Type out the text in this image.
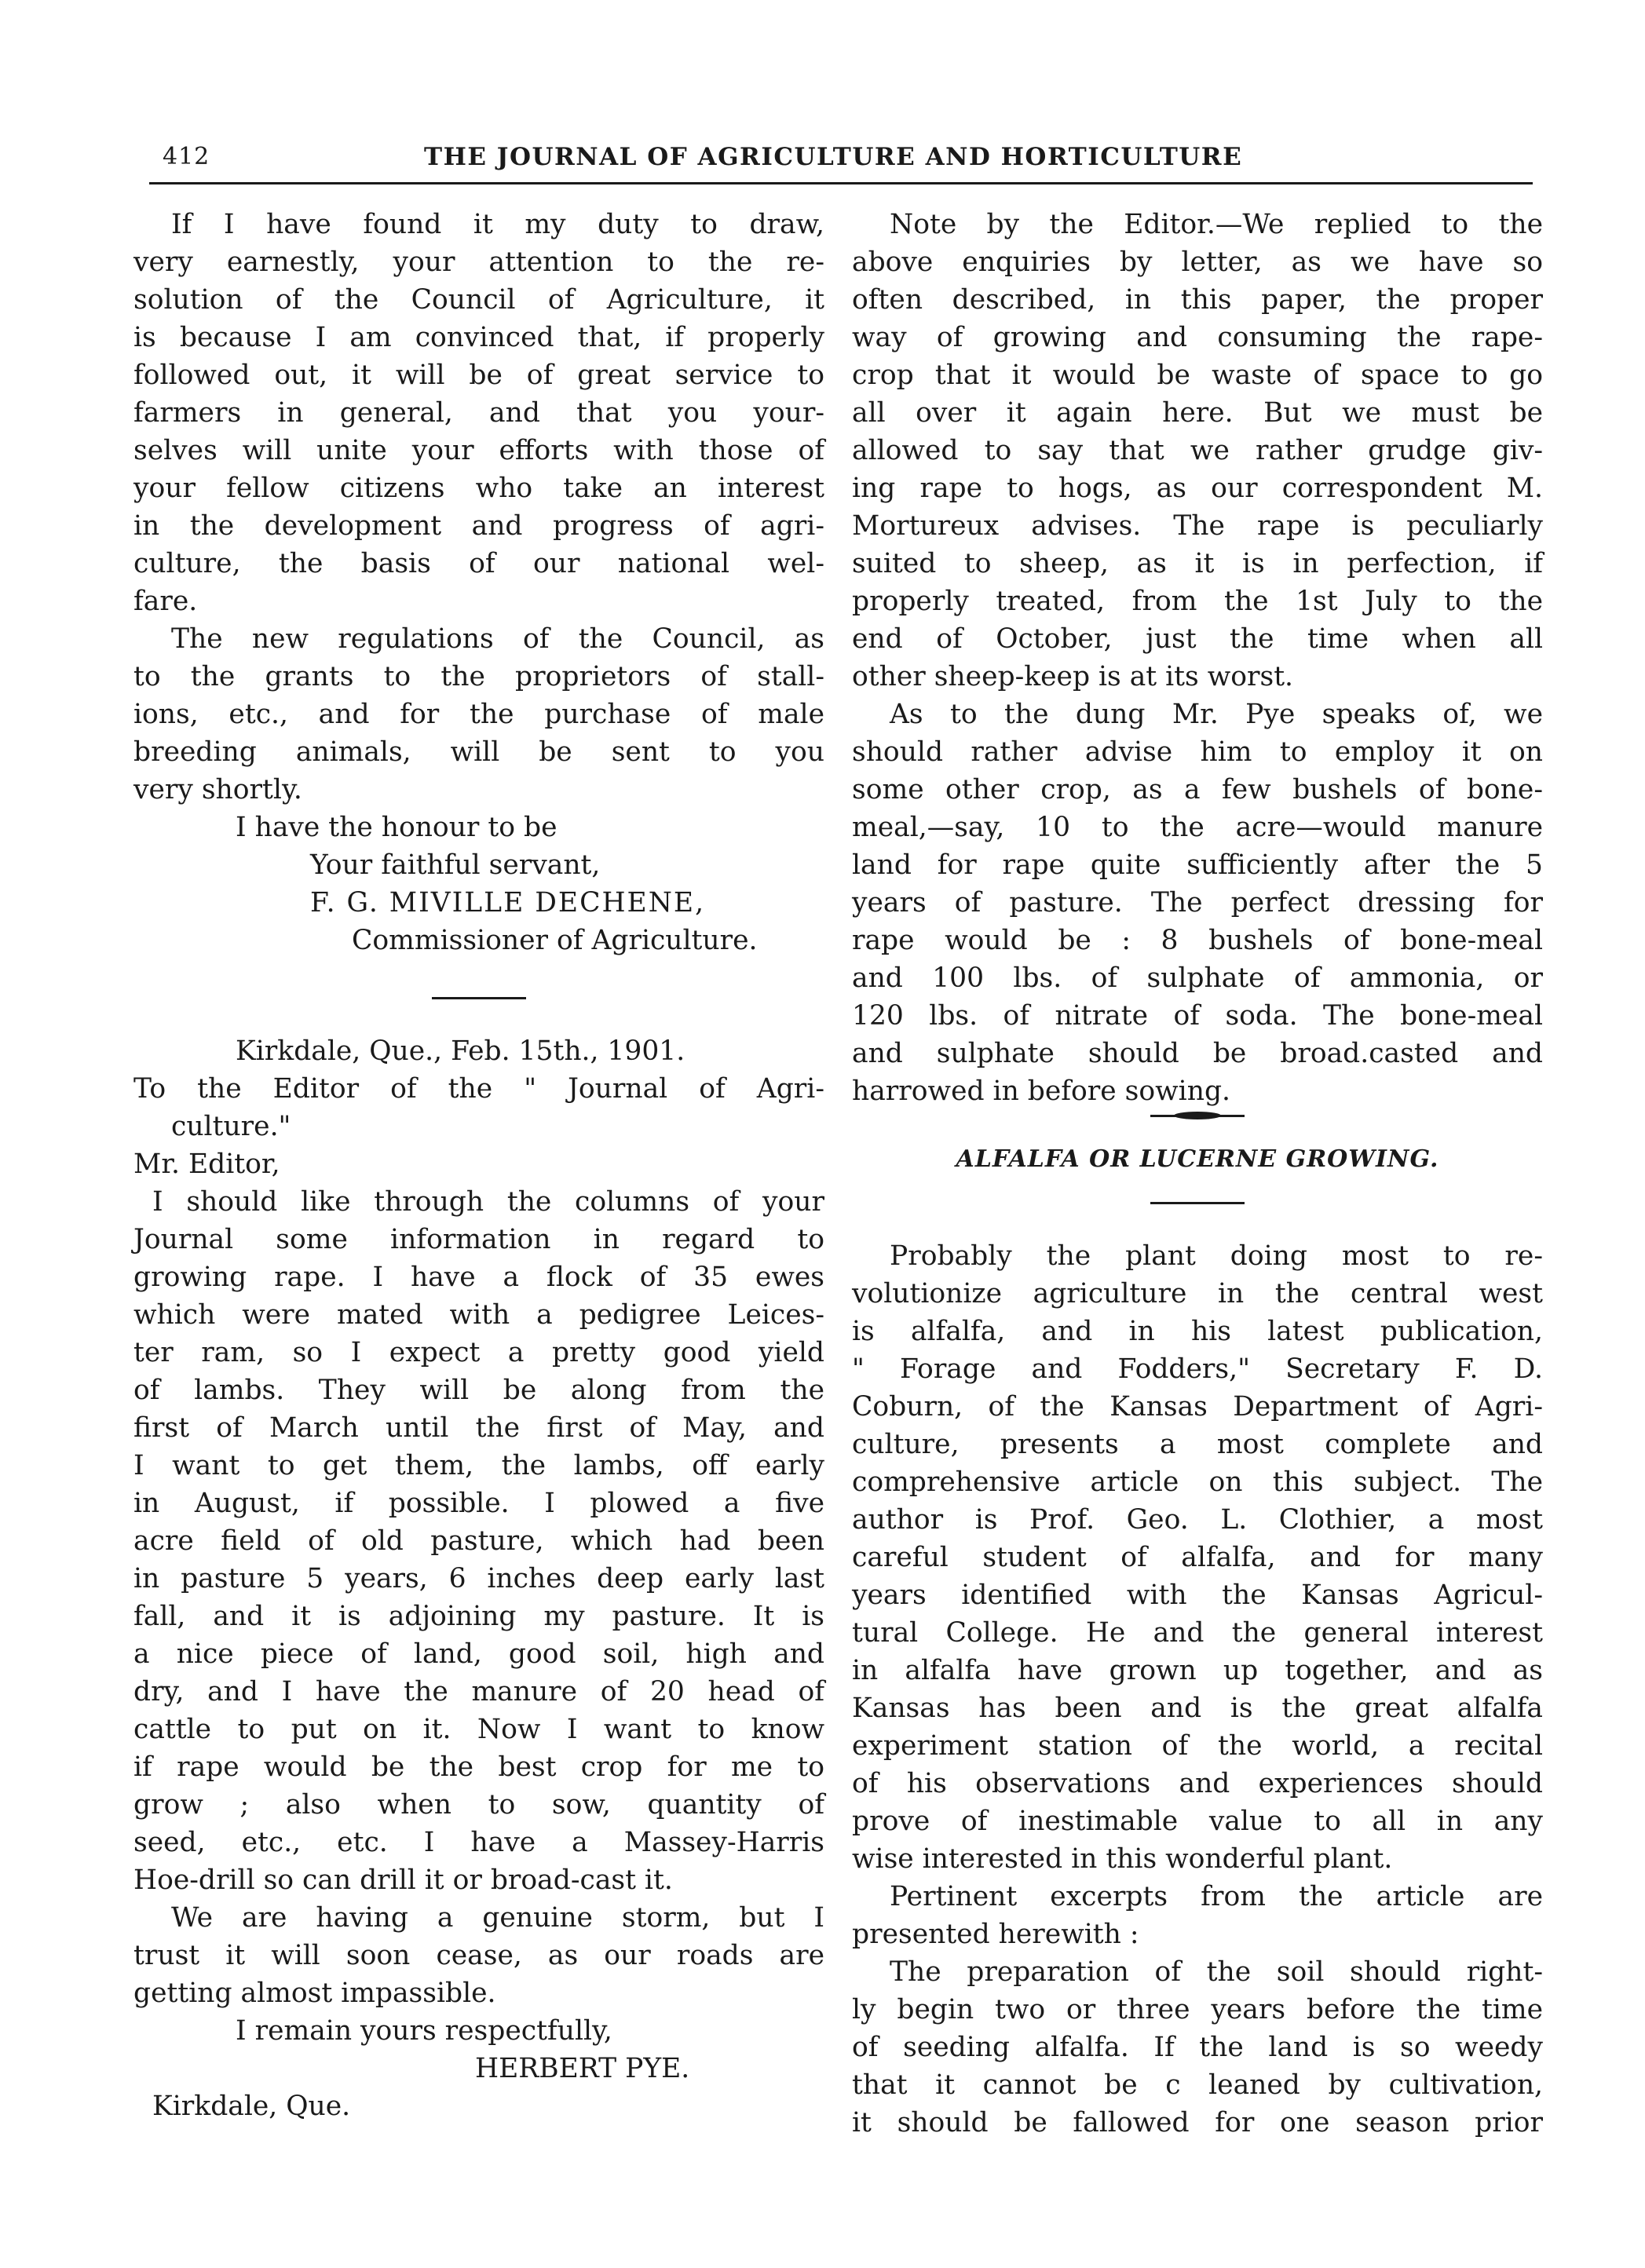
412	THE JOURNAL OF AGRICULTURE AND HORTICULTURE
If I have found it my duty to draw,
very earnestly, your attention to the re-
solution of the Council of Agriculture, it
is because I am convinced that, if properly
followed out, it will be of great service to
farmers in general, and that you your-
selves will unite your efforts with those of
your fellow citizens who take an interest
in the development and progress of agri-
culture, the basis of our national wel-
fare.
The new regulations of the Council, as
to the grants to the proprietors of stall-
ions, etc., and for the purchase of male
breeding animals, will be sent to you
very shortly.
I have the honour to be
Your faithful servant,
F. G. MIVILLE DECHENE,
Commissioner of Agriculture.
Kirkdale, Que., Feb. 15th., 1901.
To the Editor of the " Journal of Agri-
culture."
Mr. Editor,
I should like through the columns of your
Journal some information in regard to
growing rape. I have a flock of 35 ewes
which were mated with a pedigree Leices-
ter ram, so I expect a pretty good yield
of lambs. They will be along from the
first of March until the first of May, and
I want to get them, the lambs, off early
in August, if possible. I plowed a five
acre field of old pasture, which had been
in pasture 5 years, 6 inches deep early last
fall, and it is adjoining my pasture. It is
a nice piece of land, good soil, high and
dry, and I have the manure of 20 head of
cattle to put on it. Now I want to know
if rape would be the best crop for me to
grow ; also when to sow, quantity of
seed, etc., etc. I have a Massey-Harris
Hoe-drill so can drill it or broad-cast it.
We are having a genuine storm, but I
trust it will soon cease, as our roads are
getting almost impassible.
I remain yours respectfully,
HERBERT PYE.
Kirkdale, Que.
Note by the Editor.—We replied to the
above enquiries by letter, as we have so
often described, in this paper, the proper
way of growing and consuming the rape-
crop that it would be waste of space to go
all over it again here. But we must be
allowed to say that we rather grudge giv-
ing rape to hogs, as our correspondent M.
Mortureux advises. The rape is peculiarly
suited to sheep, as it is in perfection, if
properly treated, from the 1st July to the
end of October, just the time when all
other sheep-keep is at its worst.
As to the dung Mr. Pye speaks of, we
should rather advise him to employ it on
some other crop, as a few bushels of bone-
meal,—say, 10 to the acre—would manure
land for rape quite sufficiently after the 5
years of pasture. The perfect dressing for
rape would be : 8 bushels of bone-meal
and 100 lbs. of sulphate of ammonia, or
120 lbs. of nitrate of soda. The bone-meal
and sulphate should be broad.casted and
harrowed in before sowing.
ALFALFA OR LUCERNE GROWING.
Probably the plant doing most to re-
volutionize agriculture in the central west
is alfalfa, and in his latest publication,
" Forage and Fodders," Secretary F. D.
Coburn, of the Kansas Department of Agri-
culture, presents a most complete and
comprehensive article on this subject. The
author is Prof. Geo. L. Clothier, a most
careful student of alfalfa, and for many
years identified with the Kansas Agricul-
tural College. He and the general interest
in alfalfa have grown up together, and as
Kansas has been and is the great alfalfa
experiment station of the world, a recital
of his observations and experiences should
prove of inestimable value to all in any
wise interested in this wonderful plant.
Pertinent excerpts from the article are
presented herewith :
The preparation of the soil should right-
ly begin two or three years before the time
of seeding alfalfa. If the land is so weedy
that it cannot be c leaned by cultivation,
it should be fallowed for one season prior
